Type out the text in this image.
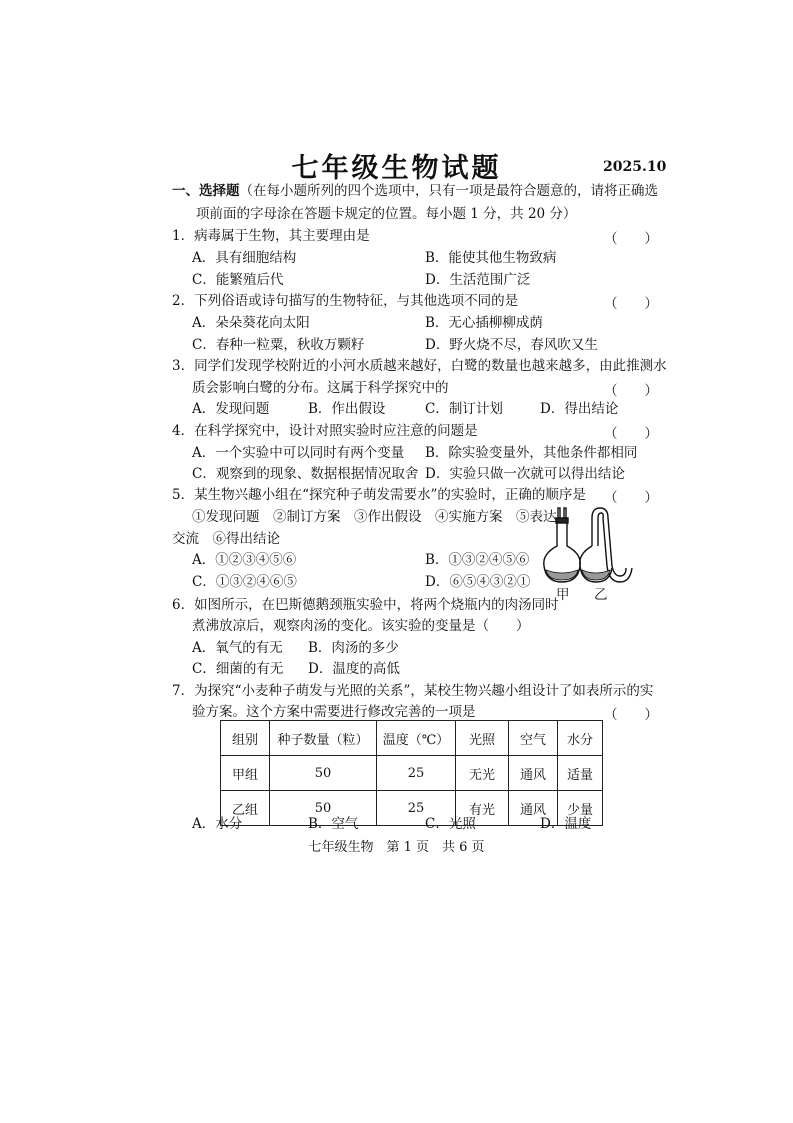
七年级生物试题	2025.10
一、选择题（在每小题所列的四个选项中，只有一项是最符合题意的，请将正确选
项前面的字母涂在答题卡规定的位置。每小题 1 分，共 20 分）
1．病毒属于生物，其主要理由是	（　　）
A．具有细胞结构	B．能使其他生物致病
C．能繁殖后代	D．生活范围广泛
2．下列俗语或诗句描写的生物特征，与其他选项不同的是	（　　）
A．朵朵葵花向太阳	B．无心插柳柳成荫
C．春种一粒粟，秋收万颗籽	D．野火烧不尽，春风吹又生
3．同学们发现学校附近的小河水质越来越好，白鹭的数量也越来越多，由此推测水
质会影响白鹭的分布。这属于科学探究中的	（　　）
A．发现问题	B．作出假设	C．制订计划	D．得出结论
4．在科学探究中，设计对照实验时应注意的问题是	（　　）
A．一个实验中可以同时有两个变量 B．除实验变量外，其他条件都相同
C．观察到的现象、数据根据情况取舍 D．实验只做一次就可以得出结论
5．某生物兴趣小组在“探究种子萌发需要水”的实验时，正确的顺序是 （　　）
①发现问题　②制订方案　③作出假设　④实施方案　⑤表达
交流　⑥得出结论
A．①②③④⑤⑥	B．①③②④⑤⑥
C．①③②④⑥⑤	D．⑥⑤④③②①
甲 乙
6．如图所示，在巴斯德鹅颈瓶实验中，将两个烧瓶内的肉汤同时
煮沸放凉后，观察肉汤的变化。该实验的变量是（　　）
A．氧气的有无 B．肉汤的多少
C．细菌的有无 D．温度的高低
7．为探究“小麦种子萌发与光照的关系”，某校生物兴趣小组设计了如表所示的实
验方案。这个方案中需要进行修改完善的一项是	（　　）
组别	种子数量（粒）	温度（℃）	光照	空气	水分
甲组	50	25	无光	通风	适量
乙组	50	25	有光	通风	少量
A．水分	B．空气	C．光照	D．温度
七年级生物　第 1 页　共 6 页
